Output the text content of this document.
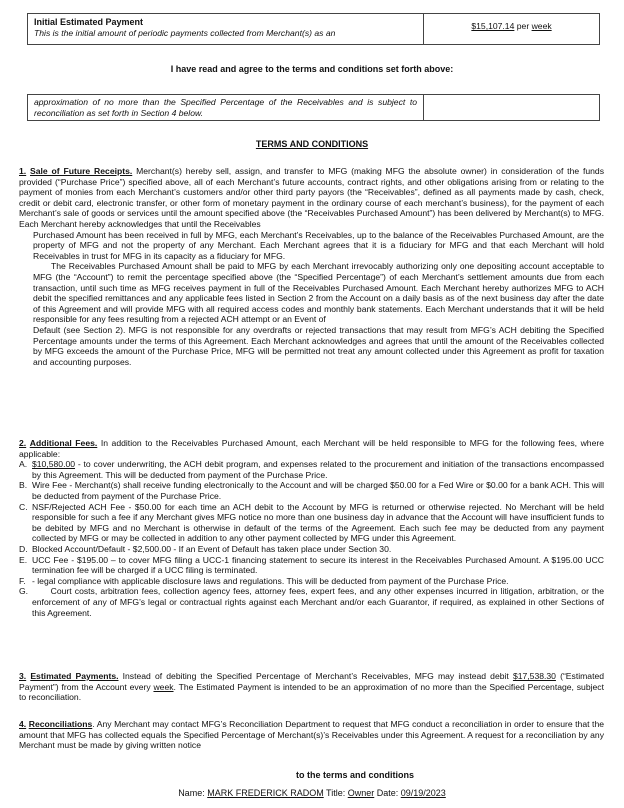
Initial Estimated Payment
This is the initial amount of periodic payments collected from Merchant(s) as an
$15,107.14 per week
I have read and agree to the terms and conditions set forth above:
approximation of no more than the Specified Percentage of the Receivables and is subject to reconciliation as set forth in Section 4 below.
TERMS AND CONDITIONS

1. Sale of Future Receipts. Merchant(s) hereby sell, assign, and transfer to MFG (making MFG the absolute owner) in consideration of the funds provided (“Purchase Price”) specified above, all of each Merchant’s future accounts, contract rights, and other obligations arising from or relating to the payment of monies from each Merchant’s customers and/or other third party payors (the “Receivables”, defined as all payments made by cash, check, credit or debit card, electronic transfer, or other form of monetary payment in the ordinary course of each merchant’s business), for the payment of each Merchant’s sale of goods or services until the amount specified above (the “Receivables Purchased Amount”) has been delivered by Merchant(s) to MFG. Each Merchant hereby acknowledges that until the Receivables

Purchased Amount has been received in full by MFG, each Merchant’s Receivables, up to the balance of the Receivables Purchased Amount, are the property of MFG and not the property of any Merchant. Each Merchant agrees that it is a fiduciary for MFG and that each Merchant will hold Receivables in trust for MFG in its capacity as a fiduciary for MFG.

The Receivables Purchased Amount shall be paid to MFG by each Merchant irrevocably authorizing only one depositing account acceptable to MFG (the “Account”) to remit the percentage specified above (the “Specified Percentage”) of each Merchant’s settlement amounts due from each transaction, until such time as MFG receives payment in full of the Receivables Purchased Amount. Each Merchant hereby authorizes MFG to ACH debit the specified remittances and any applicable fees listed in Section 2 from the Account on a daily basis as of the next business day after the date of this Agreement and will provide MFG with all required access codes and monthly bank statements. Each Merchant understands that it will be held responsible for any fees resulting from a rejected ACH attempt or an Event of

Default (see Section 2). MFG is not responsible for any overdrafts or rejected transactions that may result from MFG’s ACH debiting the Specified Percentage amounts under the terms of this Agreement. Each Merchant acknowledges and agrees that until the amount of the Receivables collected by MFG exceeds the amount of the Purchase Price, MFG will be permitted not treat any amount collected under this Agreement as profit for taxation and accounting purposes.

2. Additional Fees. In addition to the Receivables Purchased Amount, each Merchant will be held responsible to MFG for the following fees, where applicable:

A. $10,580.00 - to cover underwriting, the ACH debit program, and expenses related to the procurement and initiation of the transactions encompassed by this Agreement. This will be deducted from payment of the Purchase Price.
B. Wire Fee - Merchant(s) shall receive funding electronically to the Account and will be charged $50.00 for a Fed Wire or $0.00 for a bank ACH. This will be deducted from payment of the Purchase Price.
C. NSF/Rejected ACH Fee - $50.00 for each time an ACH debit to the Account by MFG is returned or otherwise rejected. No Merchant will be held responsible for such a fee if any Merchant gives MFG notice no more than one business day in advance that the Account will have insufficient funds to be debited by MFG and no Merchant is otherwise in default of the terms of the Agreement. Each such fee may be deducted from any payment collected by MFG or may be collected in addition to any other payment collected by MFG under this Agreement.
D. Blocked Account/Default - $2,500.00 - If an Event of Default has taken place under Section 30.
E. UCC Fee - $195.00 – to cover MFG filing a UCC-1 financing statement to secure its interest in the Receivables Purchased Amount. A $195.00 UCC termination fee will be charged if a UCC filing is terminated.
F. - legal compliance with applicable disclosure laws and regulations. This will be deducted from payment of the Purchase Price.
G. Court costs, arbitration fees, collection agency fees, attorney fees, expert fees, and any other expenses incurred in litigation, arbitration, or the enforcement of any of MFG’s legal or contractual rights against each Merchant and/or each Guarantor, if required, as explained in other Sections of this Agreement.

3. Estimated Payments. Instead of debiting the Specified Percentage of Merchant’s Receivables, MFG may instead debit $17,538.30 (“Estimated Payment”) from the Account every week. The Estimated Payment is intended to be an approximation of no more than the Specified Percentage, subject to reconciliation.

4. Reconciliations. Any Merchant may contact MFG’s Reconciliation Department to request that MFG conduct a reconciliation in order to ensure that the amount that MFG has collected equals the Specified Percentage of Merchant(s)’s Receivables under this Agreement. A request for a reconciliation by any Merchant must be made by giving written notice

to the terms and conditions
Name: MARK FREDERICK RADOM Title: Owner Date: 09/19/2023
